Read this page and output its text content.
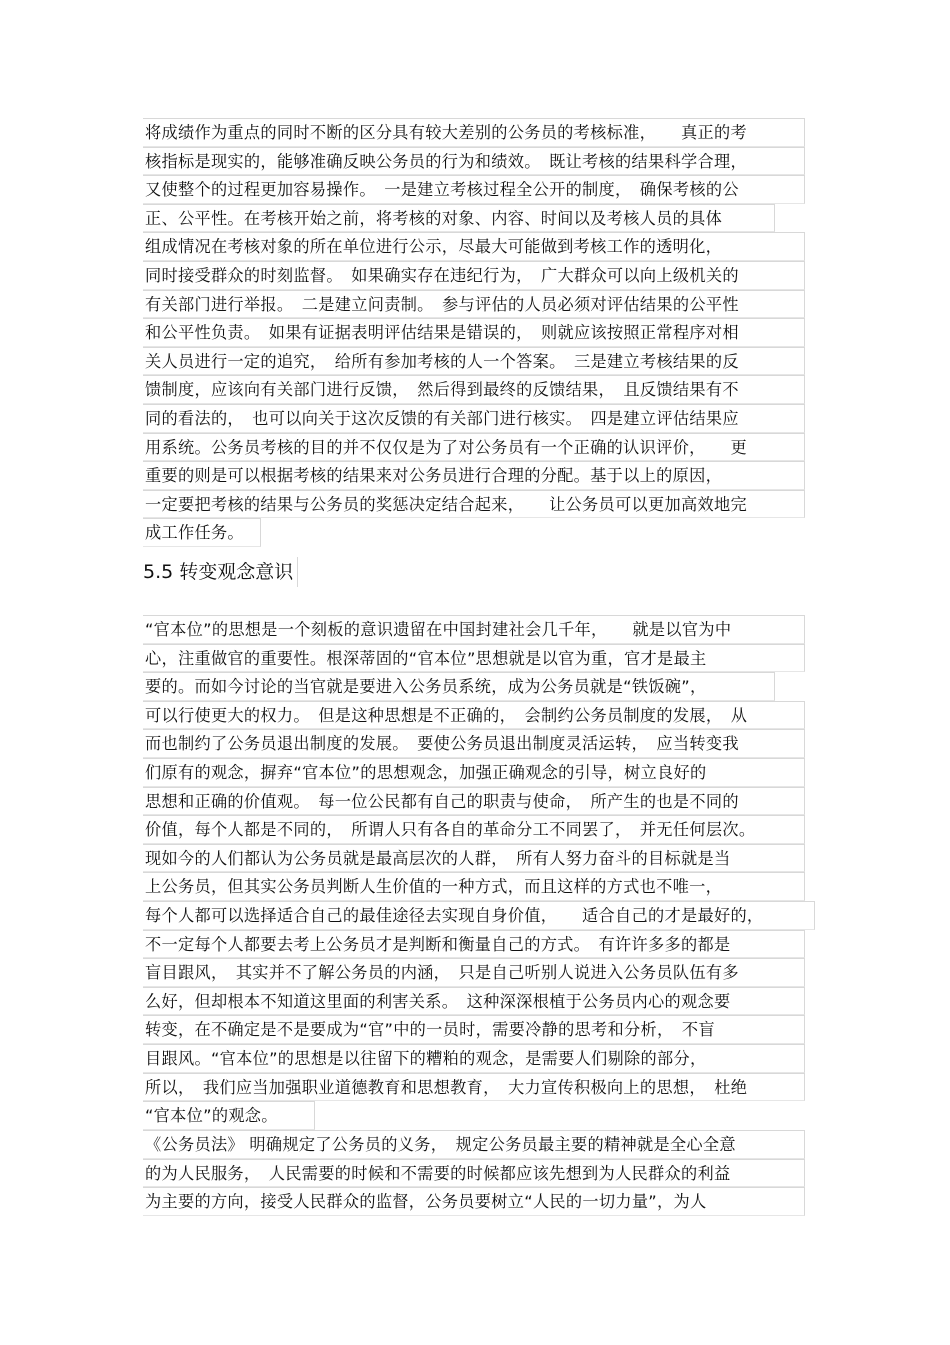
将成绩作为重点的同时不断的区分具有较大差别的公务员的考核标准，　　真正的考
核指标是现实的，能够准确反映公务员的行为和绩效。　既让考核的结果科学合理，
又使整个的过程更加容易操作。　一是建立考核过程全公开的制度，　确保考核的公
正、公平性。在考核开始之前，将考核的对象、内容、时间以及考核人员的具体
组成情况在考核对象的所在单位进行公示，尽最大可能做到考核工作的透明化，
同时接受群众的时刻监督。　如果确实存在违纪行为，　广大群众可以向上级机关的
有关部门进行举报。　二是建立问责制。　参与评估的人员必须对评估结果的公平性
和公平性负责。　如果有证据表明评估结果是错误的，　则就应该按照正常程序对相
关人员进行一定的追究，　给所有参加考核的人一个答案。　三是建立考核结果的反
馈制度，应该向有关部门进行反馈，　然后得到最终的反馈结果，　且反馈结果有不
同的看法的，　也可以向关于这次反馈的有关部门进行核实。　四是建立评估结果应
用系统。公务员考核的目的并不仅仅是为了对公务员有一个正确的认识评价，　　更
重要的则是可以根据考核的结果来对公务员进行合理的分配。基于以上的原因，
一定要把考核的结果与公务员的奖惩决定结合起来，　　让公务员可以更加高效地完
成工作任务。
5.5 转变观念意识
“官本位”的思想是一个刻板的意识遗留在中国封建社会几千年，　　就是以官为中
心，注重做官的重要性。根深蒂固的“官本位”思想就是以官为重，官才是最主
要的。而如今讨论的当官就是要进入公务员系统，成为公务员就是“铁饭碗”，
可以行使更大的权力。　但是这种思想是不正确的，　会制约公务员制度的发展，　从
而也制约了公务员退出制度的发展。　要使公务员退出制度灵活运转，　应当转变我
们原有的观念，摒弃“官本位”的思想观念，加强正确观念的引导，树立良好的
思想和正确的价值观。　每一位公民都有自己的职责与使命，　所产生的也是不同的
价值，每个人都是不同的，　所谓人只有各自的革命分工不同罢了，　并无任何层次。
现如今的人们都认为公务员就是最高层次的人群，　所有人努力奋斗的目标就是当
上公务员，但其实公务员判断人生价值的一种方式，而且这样的方式也不唯一，
每个人都可以选择适合自己的最佳途径去实现自身价值，　　适合自己的才是最好的，
不一定每个人都要去考上公务员才是判断和衡量自己的方式。　有许许多多的都是
盲目跟风，　其实并不了解公务员的内涵，　只是自己听别人说进入公务员队伍有多
么好，但却根本不知道这里面的利害关系。　这种深深根植于公务员内心的观念要
转变，在不确定是不是要成为“官”中的一员时，需要冷静的思考和分析，　不盲
目跟风。“官本位”的思想是以往留下的糟粕的观念，是需要人们剔除的部分，
所以，　我们应当加强职业道德教育和思想教育，　大力宣传积极向上的思想，　杜绝
“官本位”的观念。
《公务员法》 明确规定了公务员的义务，　规定公务员最主要的精神就是全心全意
的为人民服务，　人民需要的时候和不需要的时候都应该先想到为人民群众的利益
为主要的方向，接受人民群众的监督，公务员要树立“人民的一切力量”，为人
